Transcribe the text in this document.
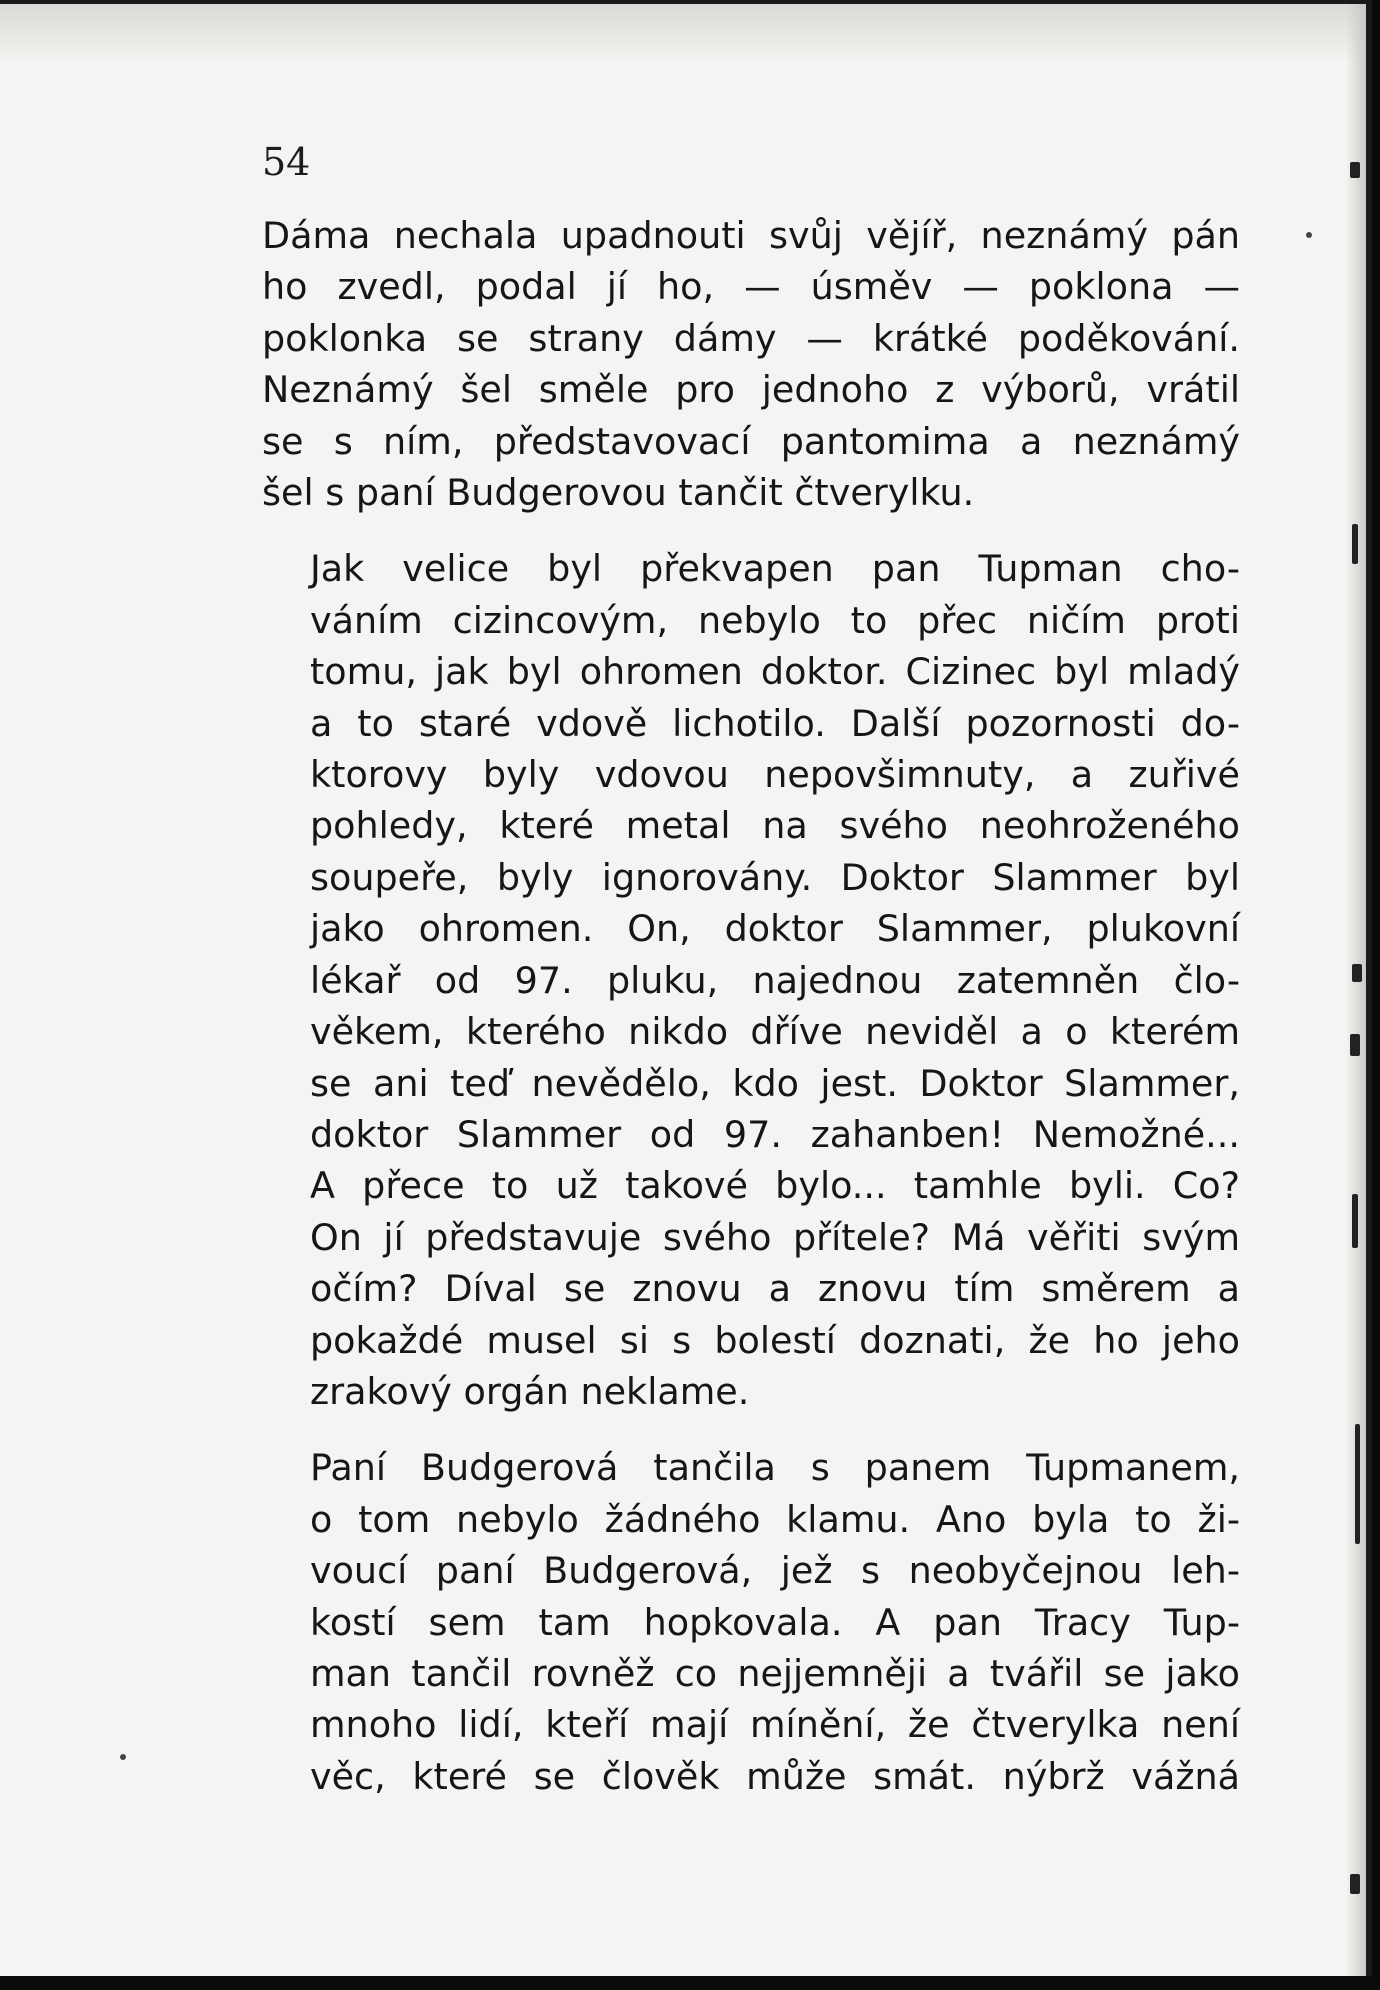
54

Dáma nechala upadnouti svůj vějíř, neznámý pán
ho zvedl, podal jí ho, — úsměv — poklona —
poklonka se strany dámy — krátké poděkování.
Neznámý šel směle pro jednoho z výborů, vrátil
se s ním, představovací pantomima a neznámý
šel s paní Budgerovou tančit čtverylku.

Jak velice byl překvapen pan Tupman cho-
váním cizincovým, nebylo to přec ničím proti
tomu, jak byl ohromen doktor. Cizinec byl mladý
a to staré vdově lichotilo. Další pozornosti do-
ktorovy byly vdovou nepovšimnuty, a zuřivé
pohledy, které metal na svého neohroženého
soupeře, byly ignorovány. Doktor Slammer byl
jako ohromen. On, doktor Slammer, plukovní
lékař od 97. pluku, najednou zatemněn člo-
věkem, kterého nikdo dříve neviděl a o kterém
se ani teď nevědělo, kdo jest. Doktor Slammer,
doktor Slammer od 97. zahanben! Nemožné...
A přece to už takové bylo... tamhle byli. Co?
On jí představuje svého přítele? Má věřiti svým
očím? Díval se znovu a znovu tím směrem a
pokaždé musel si s bolestí doznati, že ho jeho
zrakový orgán neklame.

Paní Budgerová tančila s panem Tupmanem,
o tom nebylo žádného klamu. Ano byla to ži-
voucí paní Budgerová, jež s neobyčejnou leh-
kostí sem tam hopkovala. A pan Tracy Tup-
man tančil rovněž co nejjemněji a tvářil se jako
mnoho lidí, kteří mají míněnı́, že čtverylka není
věc, které se člověk může smát. nýbrž vážná
